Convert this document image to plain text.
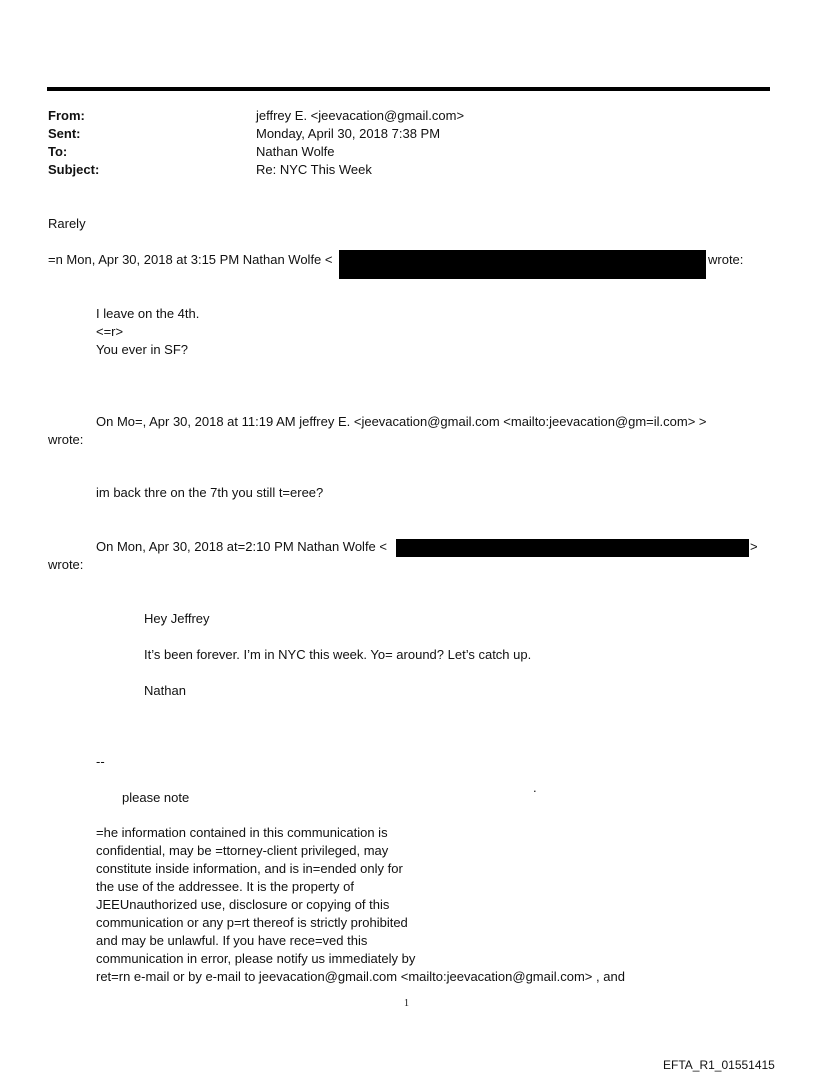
From:	jeffrey E. <jeevacation@gmail.com>
Sent:	Monday, April 30, 2018 7:38 PM
To:	Nathan Wolfe
Subject:	Re: NYC This Week
Rarely
=n Mon, Apr 30, 2018 at 3:15 PM Nathan Wolfe <	wrote:
I leave on the 4th.
<=r>
You ever in SF?
On Mo=, Apr 30, 2018 at 11:19 AM jeffrey E. <jeevacation@gmail.com <mailto:jeevacation@gm=il.com> >
wrote:
im back thre on the 7th you still t=eree?
On Mon, Apr 30, 2018 at=2:10 PM Nathan Wolfe <	>
wrote:
Hey Jeffrey
It’s been forever. I’m in NYC this week. Yo= around? Let’s catch up.
Nathan
--
please note
.
=he information contained in this communication is
confidential, may be =ttorney-client privileged, may
constitute inside information, and is in=ended only for
the use of the addressee. It is the property of
JEEUnauthorized use, disclosure or copying of this
communication or any p=rt thereof is strictly prohibited
and may be unlawful. If you have rece=ved this
communication in error, please notify us immediately by
ret=rn e-mail or by e-mail to jeevacation@gmail.com <mailto:jeevacation@gmail.com> , and
1
EFTA_R1_01551415
